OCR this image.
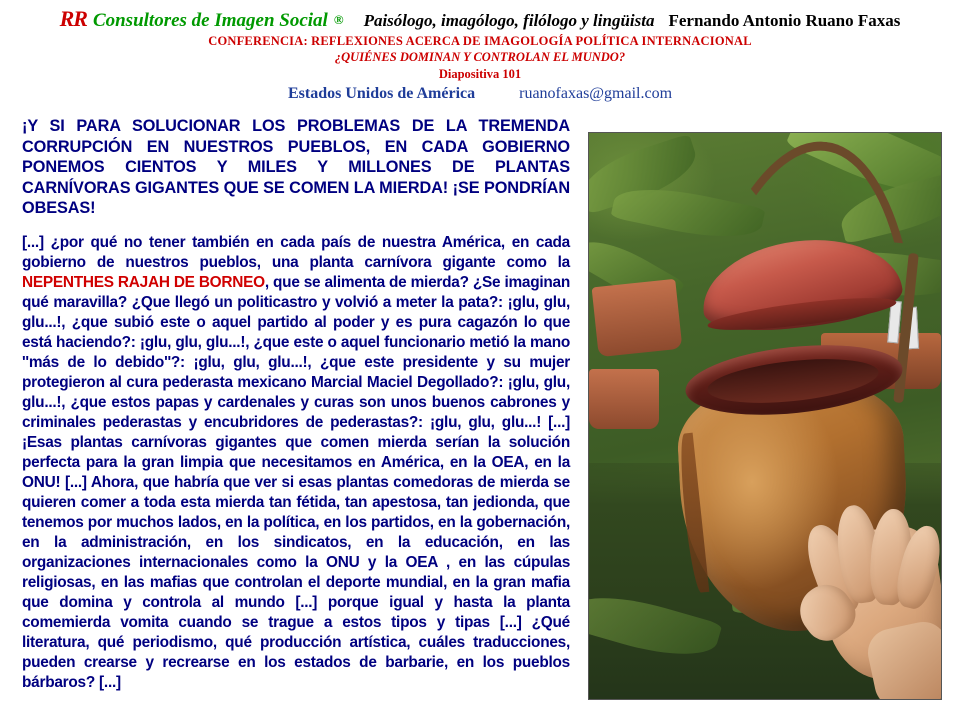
RR Consultores de Imagen Social ® Paisólogo, imagólogo, filólogo y lingüista Fernando Antonio Ruano Faxas
CONFERENCIA: REFLEXIONES ACERCA DE IMAGOLOGÍA POLÍTICA INTERNACIONAL
¿QUIÉNES DOMINAN Y CONTROLAN EL MUNDO?
Diapositiva 101
Estados Unidos de América	ruanofaxas@gmail.com

¡Y SI PARA SOLUCIONAR LOS PROBLEMAS DE LA TREMENDA CORRUPCIÓN EN NUESTROS PUEBLOS, EN CADA GOBIERNO PONEMOS CIENTOS Y MILES Y MILLONES DE PLANTAS CARNÍVORAS GIGANTES QUE SE COMEN LA MIERDA! ¡SE PONDRÍAN OBESAS!

[...] ¿por qué no tener también en cada país de nuestra América, en cada gobierno de nuestros pueblos, una planta carnívora gigante como la NEPENTHES RAJAH DE BORNEO, que se alimenta de mierda? ¿Se imaginan qué maravilla? ¿Que llegó un politicastro y volvió a meter la pata?: ¡glu, glu, glu...!, ¿que subió este o aquel partido al poder y es pura cagazón lo que está haciendo?: ¡glu, glu, glu...!, ¿que este o aquel funcionario metió la mano ''más de lo debido''?: ¡glu, glu, glu...!, ¿que este presidente y su mujer protegieron al cura pederasta mexicano Marcial Maciel Degollado?: ¡glu, glu, glu...!, ¿que estos papas y cardenales y curas son unos buenos cabrones y criminales pederastas y encubridores de pederastas?: ¡glu, glu, glu...! [...] ¡Esas plantas carnívoras gigantes que comen mierda serían la solución perfecta para la gran limpia que necesitamos en América, en la OEA, en la ONU! [...] Ahora, que habría que ver si esas plantas comedoras de mierda se quieren comer a toda esta mierda tan fétida, tan apestosa, tan jedionda, que tenemos por muchos lados, en la política, en los partidos, en la gobernación, en la administración, en los sindicatos, en la educación, en las organizaciones internacionales como la ONU y la OEA , en las cúpulas religiosas, en las mafias que controlan el deporte mundial, en la gran mafia que domina y controla al mundo [...] porque igual y hasta la planta comemierda vomita cuando se trague a estos tipos y tipas [...] ¿Qué literatura, qué periodismo, qué producción artística, cuáles traducciones, pueden crearse y recrearse en los estados de barbarie, en los pueblos bárbaros? [...]
